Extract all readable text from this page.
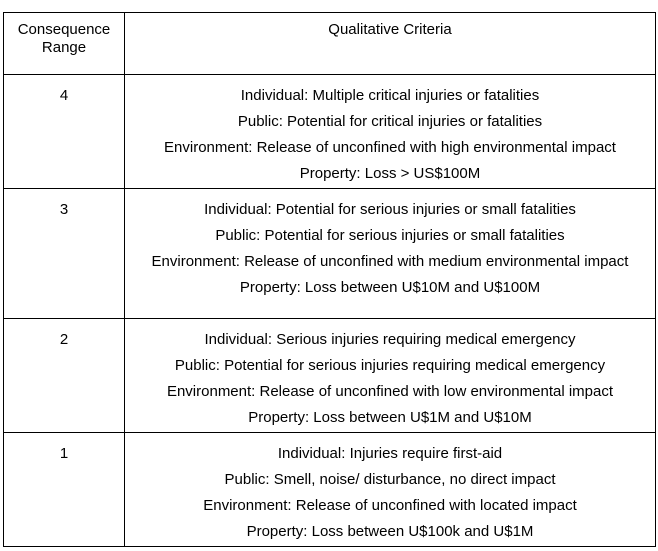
Consequence
Range	Qualitative Criteria
4	Individual: Multiple critical injuries or fatalities
Public: Potential for critical injuries or fatalities
Environment: Release of unconfined with high environmental impact
Property: Loss > US$100M

3	Individual: Potential for serious injuries or small fatalities
Public: Potential for serious injuries or small fatalities
Environment: Release of unconfined with medium environmental impact
Property: Loss between U$10M and U$100M

2	Individual: Serious injuries requiring medical emergency
Public: Potential for serious injuries requiring medical emergency
Environment: Release of unconfined with low environmental impact
Property: Loss between U$1M and U$10M

1	Individual: Injuries require first-aid
Public: Smell, noise/ disturbance, no direct impact
Environment: Release of unconfined with located impact
Property: Loss between U$100k and U$1M
